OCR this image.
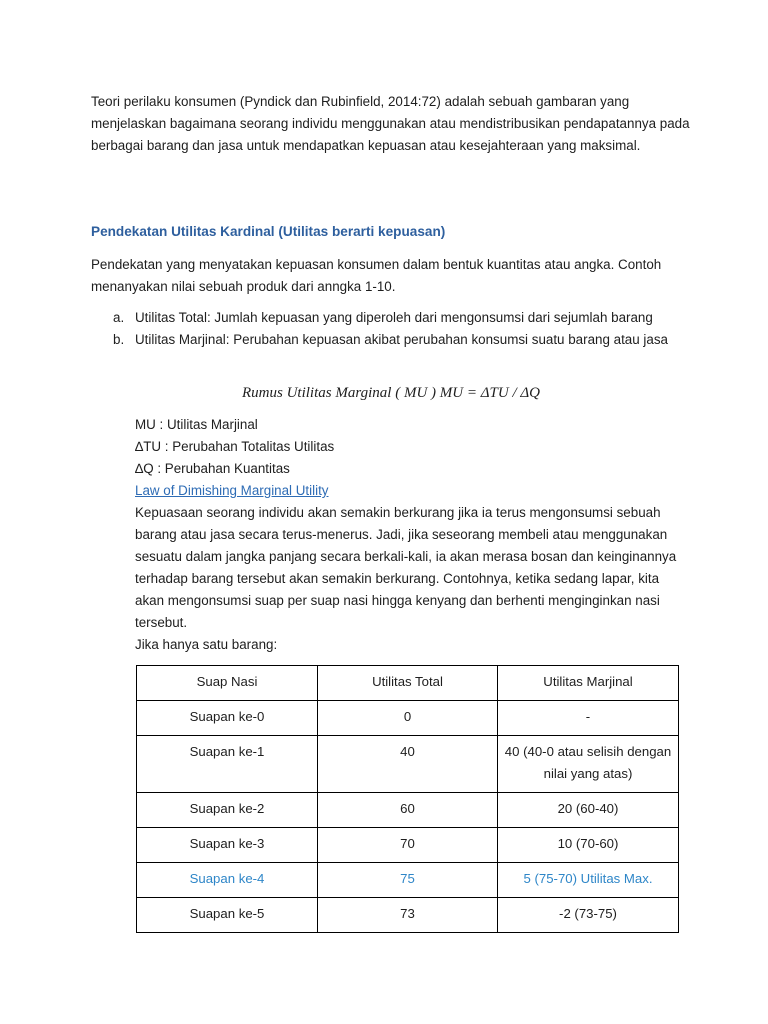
Teori perilaku konsumen (Pyndick dan Rubinfield, 2014:72) adalah sebuah gambaran yang menjelaskan bagaimana seorang individu menggunakan atau mendistribusikan pendapatannya pada berbagai barang dan jasa untuk mendapatkan kepuasan atau kesejahteraan yang maksimal.

Pendekatan Utilitas Kardinal (Utilitas berarti kepuasan)

Pendekatan yang menyatakan kepuasan konsumen dalam bentuk kuantitas atau angka. Contoh menanyakan nilai sebuah produk dari anngka 1-10.

a. Utilitas Total: Jumlah kepuasan yang diperoleh dari mengonsumsi dari sejumlah barang
b. Utilitas Marjinal: Perubahan kepuasan akibat perubahan konsumsi suatu barang atau jasa
Rumus Utilitas Marginal ( MU ) MU = ΔTU / ΔQ

MU : Utilitas Marjinal

∆TU : Perubahan Totalitas Utilitas

∆Q : Perubahan Kuantitas

Law of Dimishing Marginal Utility

Kepuasaan seorang individu akan semakin berkurang jika ia terus mengonsumsi sebuah barang atau jasa secara terus-menerus. Jadi, jika seseorang membeli atau menggunakan sesuatu dalam jangka panjang secara berkali-kali, ia akan merasa bosan dan keinginannya terhadap barang tersebut akan semakin berkurang. Contohnya, ketika sedang lapar, kita akan mengonsumsi suap per suap nasi hingga kenyang dan berhenti menginginkan nasi tersebut.

Jika hanya satu barang:

Suap Nasi	Utilitas Total	Utilitas Marjinal
Suapan ke-0	0	-
Suapan ke-1	40	40 (40-0 atau selisih dengan nilai yang atas)
Suapan ke-2	60	20 (60-40)
Suapan ke-3	70	10 (70-60)
Suapan ke-4	75	5 (75-70) Utilitas Max.
Suapan ke-5	73	-2 (73-75)
